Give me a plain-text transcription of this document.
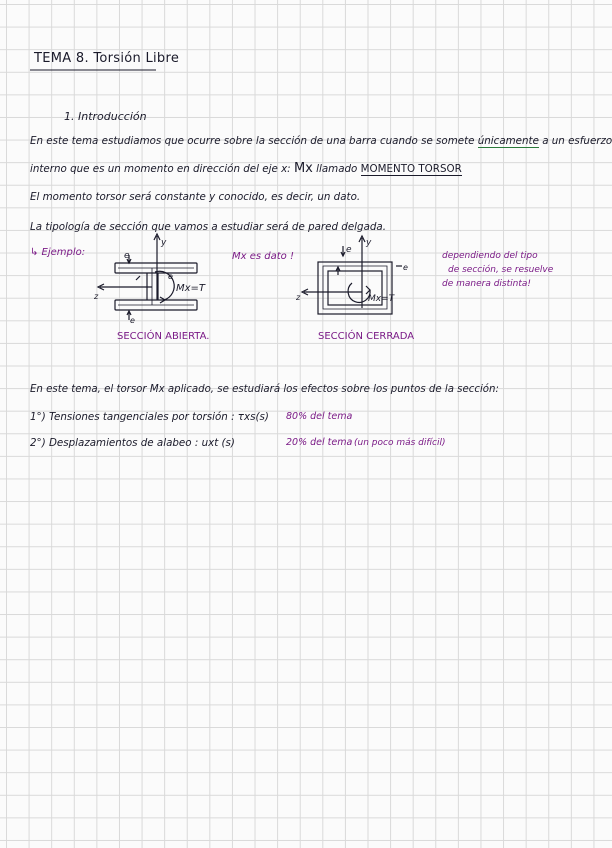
TEMA 8. Torsión Libre
1. Introducción
En este tema estudiamos que ocurre sobre la sección de una barra cuando se somete únicamente a un esfuerzo
interno que es un momento en dirección del eje x: Mx llamado MOMENTO TORSOR
El momento torsor será constante y conocido, es decir, un dato.
La tipología de sección que vamos a estudiar será de pared delgada.
↳ Ejemplo:	Mx es dato !	dependiendo del tipo
de sección, se resuelve
de manera distinta!
y
z
e
e
e
Mx=T
SECCIÓN ABIERTA.
y
z
e
e
Mx=T
SECCIÓN CERRADA
En este tema, el torsor Mx aplicado, se estudiará los efectos sobre los puntos de la sección:
1°) Tensiones tangenciales por torsión : τxs(s) 80% del tema
2°) Desplazamientos de alabeo : uxt (s)	20% del tema (un poco más difícil)
